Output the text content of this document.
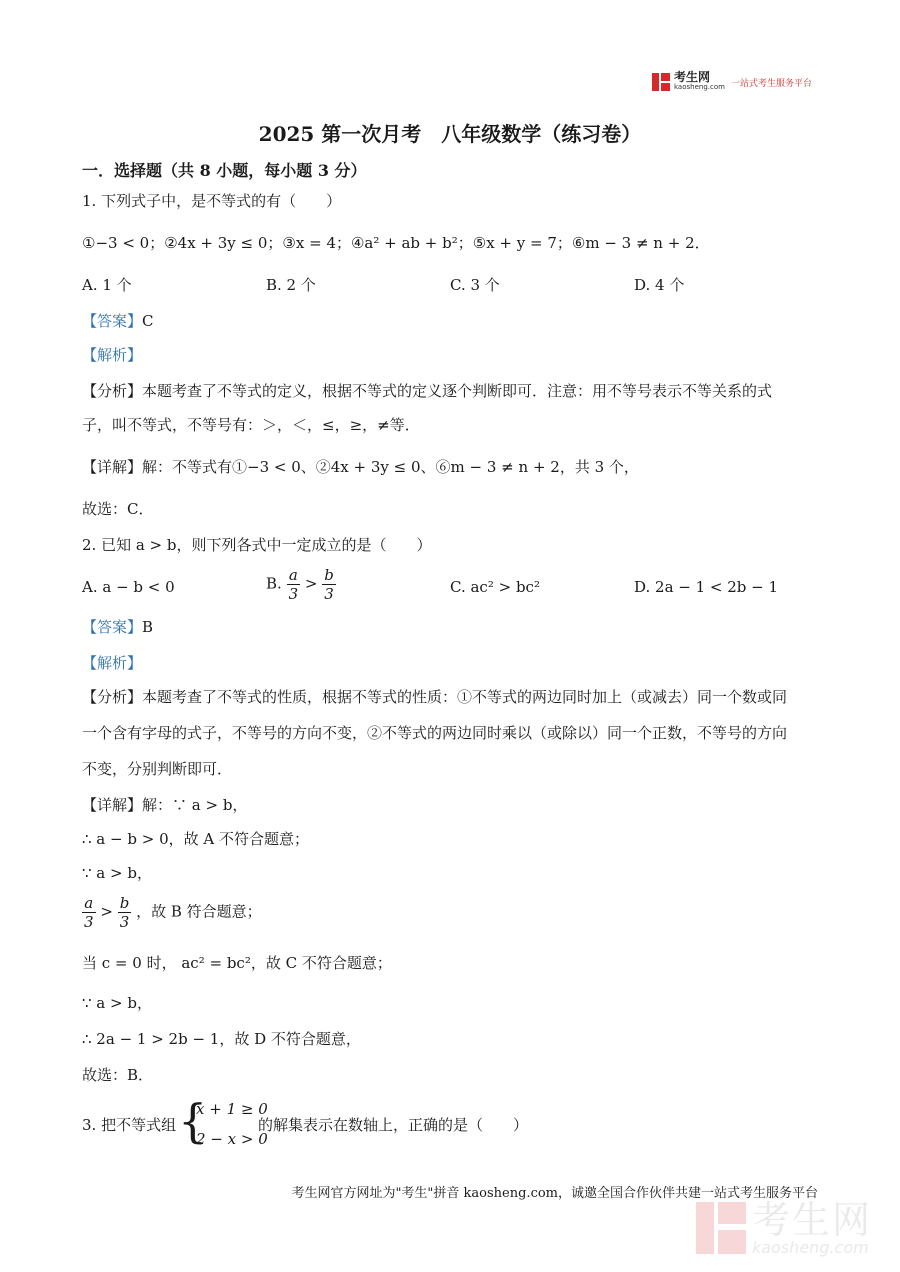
考生网
kaosheng.com 一站式考生服务平台
2025 第一次月考　八年级数学（练习卷）
一．选择题（共 8 小题，每小题 3 分）
1. 下列式子中，是不等式的有（　　）
①−3 < 0；②4x + 3y ≤ 0；③x = 4；④a² + ab + b²；⑤x + y = 7；⑥m − 3 ≠ n + 2．
A. 1 个	B. 2 个	C. 3 个	D. 4 个
【答案】C
【解析】
【分析】本题考查了不等式的定义，根据不等式的定义逐个判断即可．注意：用不等号表示不等关系的式
子，叫不等式，不等号有：＞，＜，≤，≥，≠等．
【详解】解：不等式有①−3 < 0、②4x + 3y ≤ 0、⑥m − 3 ≠ n + 2，共 3 个，
故选：C．
2. 已知 a > b，则下列各式中一定成立的是（　　）
A. a − b < 0	B. $\frac{a}{3} > \frac{b}{3}$	C. ac² > bc²	D. 2a − 1 < 2b − 1
【答案】B
【解析】
【分析】本题考查了不等式的性质，根据不等式的性质：①不等式的两边同时加上（或减去）同一个数或同
一个含有字母的式子，不等号的方向不变，②不等式的两边同时乘以（或除以）同一个正数，不等号的方向
不变，分别判断即可．
【详解】解：∵ a > b，
∴ a − b > 0，故 A 不符合题意；
∵ a > b，
$\frac{a}{3} > \frac{b}{3}$ ，故 B 符合题意；
当 c = 0 时， ac² = bc²，故 C 不符合题意；
∵ a > b，
∴ 2a − 1 > 2b − 1，故 D 不符合题意，
故选：B．
3. 把不等式组 {
x + 1 ≥ 0
2 − x > 0
的解集表示在数轴上，正确的是（　　）
考生网官方网址为"考生"拼音 kaosheng.com，诚邀全国合作伙伴共建一站式考生服务平台
考生网
kaosheng.com
